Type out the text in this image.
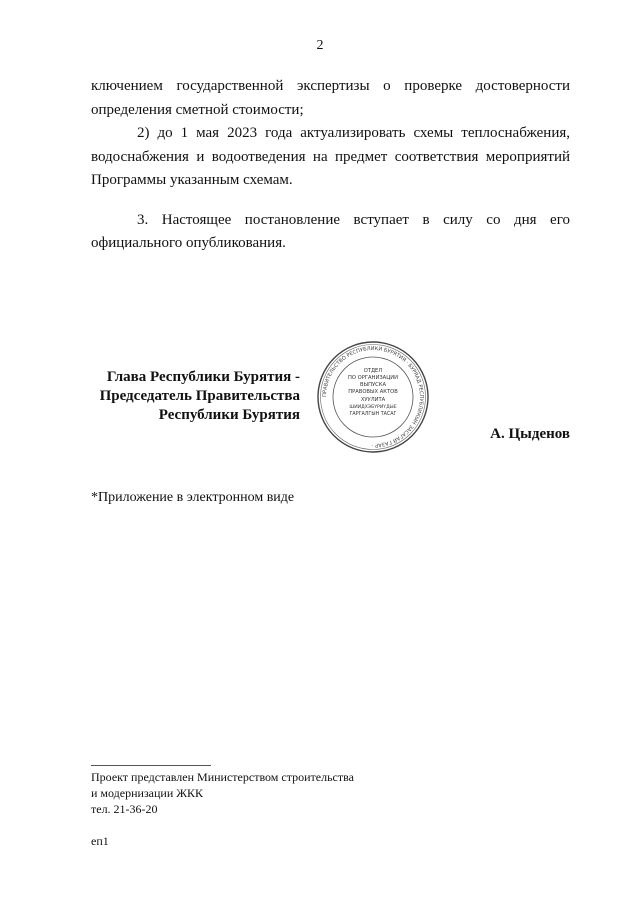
2

ключением государственной экспертизы о проверке достоверности определения сметной стоимости;

2) до 1 мая 2023 года актуализировать схемы теплоснабжения, водоснабжения и водоотведения на предмет соответствия мероприятий Программы указанным схемам.

3. Настоящее постановление вступает в силу со дня его официального опубликования.

Глава Республики Бурятия -
Председатель Правительства
Республики Бурятия
ПРАВИТЕЛЬСТВО РЕСПУБЛИКИ БУРЯТИЯ · БУРЯАД РЕСПУБЛИКЫН ЗАСАГАЙ ГАЗАР ·
ОТДЕЛ
ПО ОРГАНИЗАЦИИ
ВЫПУСКА
ПРАВОВЫХ АКТОВ
ХУУЛИТА
ШИИДХЭБҮРИҮДЫЕ
ГАРГАЛГЫН ТАСАГ
А. Цыденов
*Приложение в электронном виде
Проект представлен Министерством строительства
и модернизации ЖКК
тел. 21-36-20
еп1
